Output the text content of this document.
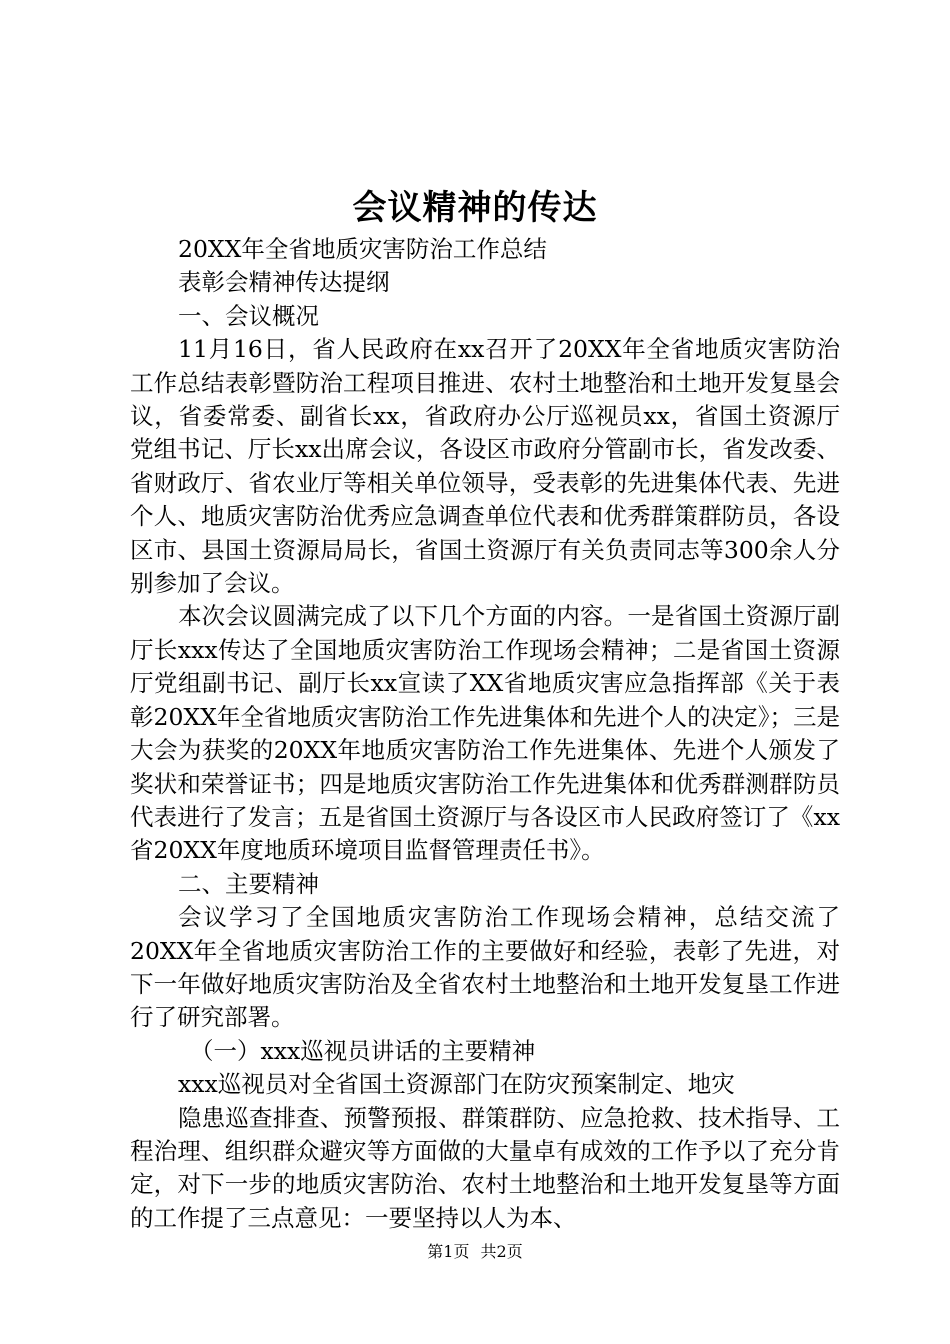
会议精神的传达

20XX年全省地质灾害防治工作总结

表彰会精神传达提纲

一、会议概况

11月16日，省人民政府在xx召开了20XX年全省地质灾害防治工作总结表彰暨防治工程项目推进、农村土地整治和土地开发复垦会议，省委常委、副省长xx，省政府办公厅巡视员xx，省国土资源厅党组书记、厅长xx出席会议，各设区市政府分管副市长，省发改委、省财政厅、省农业厅等相关单位领导，受表彰的先进集体代表、先进个人、地质灾害防治优秀应急调查单位代表和优秀群策群防员，各设区市、县国土资源局局长，省国土资源厅有关负责同志等300余人分别参加了会议。

本次会议圆满完成了以下几个方面的内容。一是省国土资源厅副厅长xxx传达了全国地质灾害防治工作现场会精神；二是省国土资源厅党组副书记、副厅长xx宣读了XX省地质灾害应急指挥部《关于表彰20XX年全省地质灾害防治工作先进集体和先进个人的决定》；三是大会为获奖的20XX年地质灾害防治工作先进集体、先进个人颁发了奖状和荣誉证书；四是地质灾害防治工作先进集体和优秀群测群防员代表进行了发言；五是省国土资源厅与各设区市人民政府签订了《xx省20XX年度地质环境项目监督管理责任书》。

二、主要精神

会议学习了全国地质灾害防治工作现场会精神，总结交流了20XX年全省地质灾害防治工作的主要做好和经验，表彰了先进，对下一年做好地质灾害防治及全省农村土地整治和土地开发复垦工作进行了研究部署。

（一）xxx巡视员讲话的主要精神

xxx巡视员对全省国土资源部门在防灾预案制定、地灾

隐患巡查排查、预警预报、群策群防、应急抢救、技术指导、工程治理、组织群众避灾等方面做的大量卓有成效的工作予以了充分肯定，对下一步的地质灾害防治、农村土地整治和土地开发复垦等方面的工作提了三点意见：一要坚持以人为本、

第1页 共2页
